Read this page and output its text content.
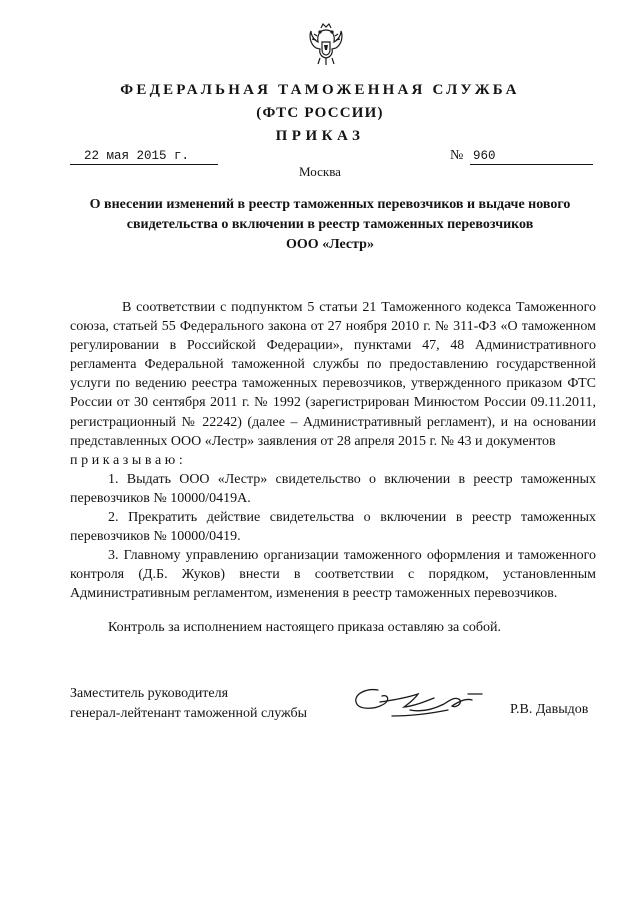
ФЕДЕРАЛЬНАЯ ТАМОЖЕННАЯ СЛУЖБА
(ФТС РОССИИ)
ПРИКАЗ
22 мая 2015 г.	№ 960
Москва
О внесении изменений в реестр таможенных перевозчиков и выдаче нового
свидетельства о включении в реестр таможенных перевозчиков
ООО «Лестр»

В соответствии с подпунктом 5 статьи 21 Таможенного кодекса Таможенного союза, статьей 55 Федерального закона от 27 ноября 2010 г. № 311-ФЗ «О таможенном регулировании в Российской Федерации», пунктами 47, 48 Административного регламента Федеральной таможенной службы по предоставлению государственной услуги по ведению реестра таможенных перевозчиков, утвержденного приказом ФТС России от 30 сентября 2011 г. № 1992 (зарегистрирован Минюстом России 09.11.2011, регистрационный № 22242) (далее – Административный регламент), и на основании представленных ООО «Лестр» заявления от 28 апреля 2015 г. № 43 и документов

приказываю:

1. Выдать ООО «Лестр» свидетельство о включении в реестр таможенных перевозчиков № 10000/0419А.

2. Прекратить действие свидетельства о включении в реестр таможенных перевозчиков № 10000/0419.

3. Главному управлению организации таможенного оформления и таможенного контроля (Д.Б. Жуков) внести в соответствии с порядком, установленным Административным регламентом, изменения в реестр таможенных перевозчиков.

Контроль за исполнением настоящего приказа оставляю за собой.

Заместитель руководителя
генерал-лейтенант таможенной службы	Р.В. Давыдов
